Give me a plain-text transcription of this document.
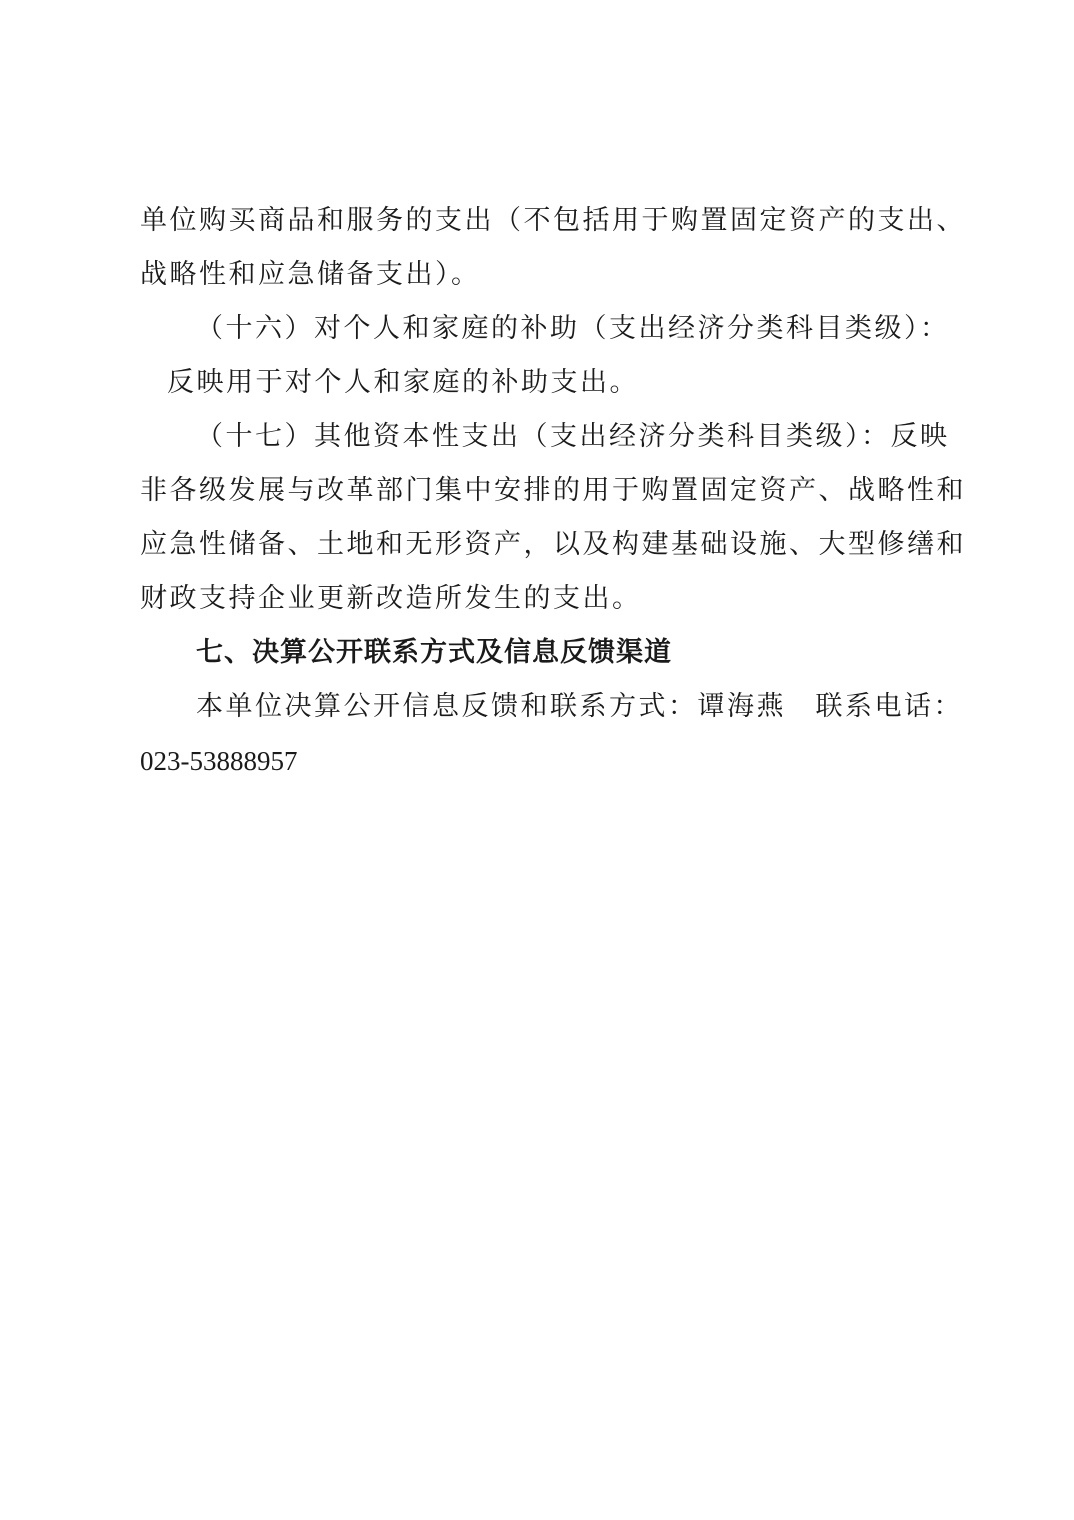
单位购买商品和服务的支出（不包括用于购置固定资产的支出、
战略性和应急储备支出）。
（十六）对个人和家庭的补助（支出经济分类科目类级）：
反映用于对个人和家庭的补助支出。
（十七）其他资本性支出（支出经济分类科目类级）：反映
非各级发展与改革部门集中安排的用于购置固定资产、战略性和
应急性储备、土地和无形资产，以及构建基础设施、大型修缮和
财政支持企业更新改造所发生的支出。
七、决算公开联系方式及信息反馈渠道
本单位决算公开信息反馈和联系方式：谭海燕　联系电话：
023-53888957
